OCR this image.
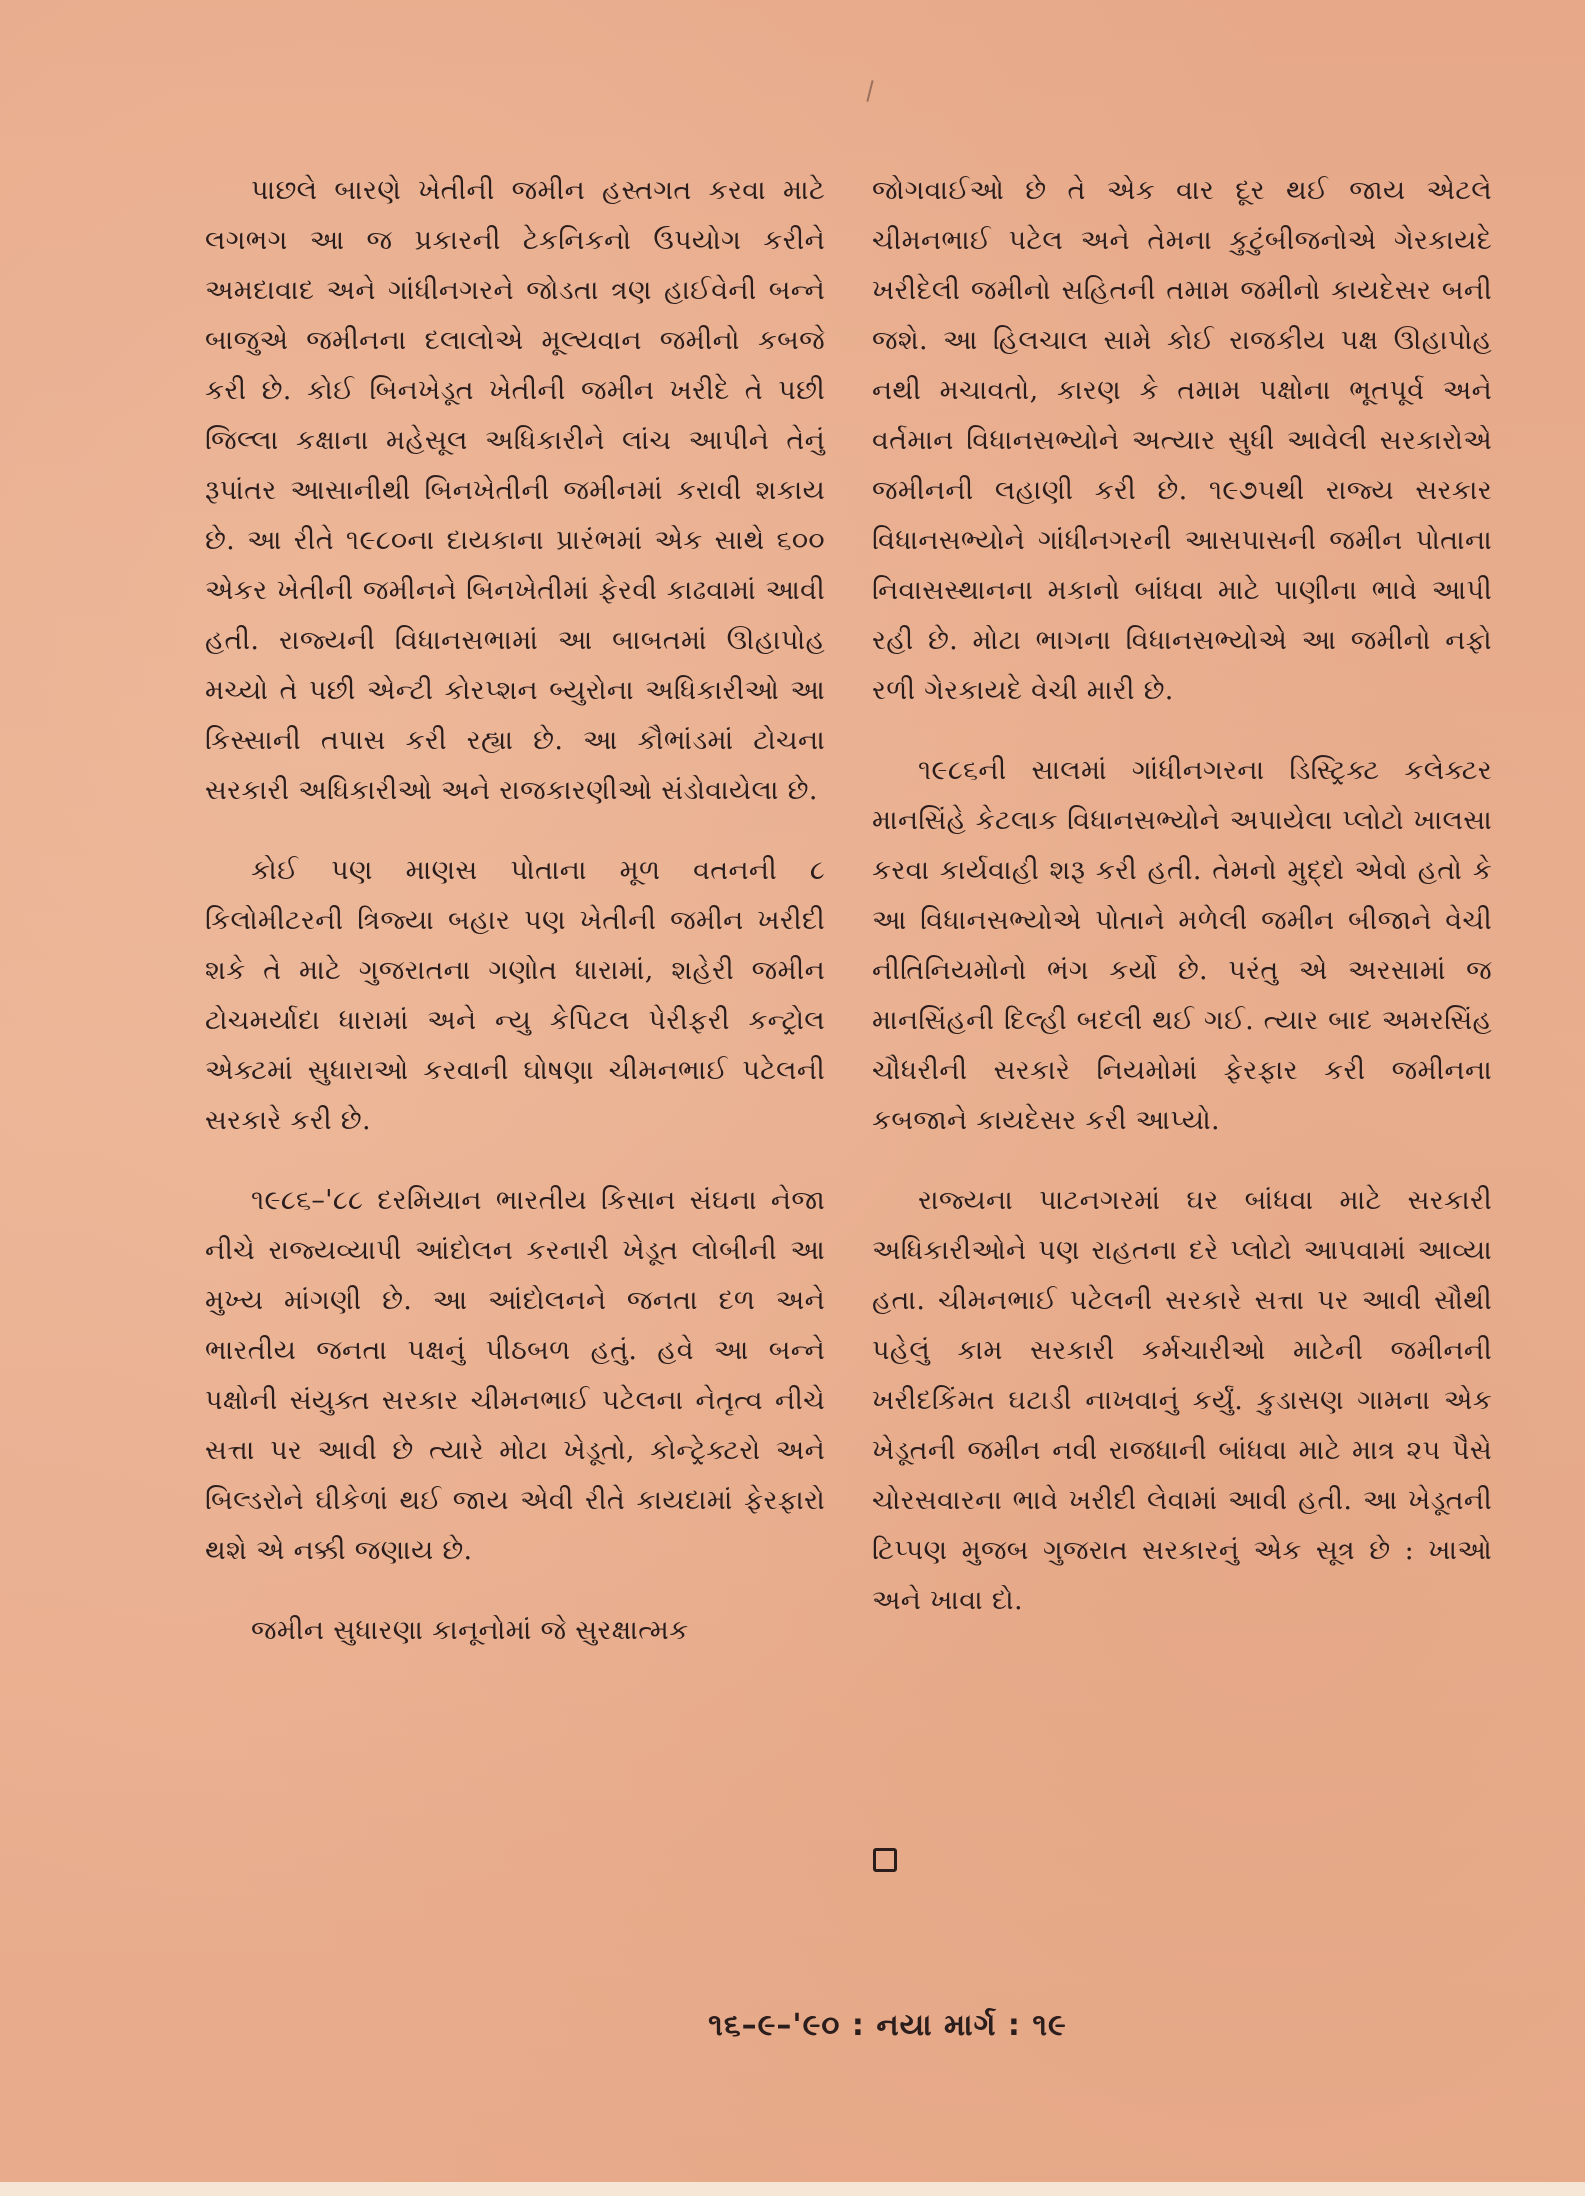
પાછલે બારણે ખેતીની જમીન હસ્તગત કરવા માટે લગભગ આ જ પ્રકારની ટેકનિકનો ઉપયોગ કરીને અમદાવાદ અને ગાંધીનગરને જોડતા ત્રણ હાઈવેની બન્ને બાજુએ જમીનના દલાલોએ મૂલ્યવાન જમીનો કબજે કરી છે. કોઈ બિનખેડૂત ખેતીની જમીન ખરીદે તે પછી જિલ્લા કક્ષાના મહેસૂલ અધિકારીને લાંચ આપીને તેનું રૂપાંતર આસાનીથી બિનખેતીની જમીનમાં કરાવી શકાય છે. આ રીતે ૧૯૮૦ના દાયકાના પ્રારંભમાં એક સાથે ૬૦૦ એકર ખેતીની જમીનને બિનખેતીમાં ફેરવી કાઢવામાં આવી હતી. રાજ્યની વિધાનસભામાં આ બાબતમાં ઊહાપોહ મચ્યો તે પછી એન્ટી કોરપ્શન બ્યુરોના અધિકારીઓ આ કિસ્સાની તપાસ કરી રહ્યા છે. આ કૌભાંડમાં ટોચના સરકારી અધિકારીઓ અને રાજકારણીઓ સંડોવાયેલા છે.

કોઈ પણ માણસ પોતાના મૂળ વતનની ૮ કિલોમીટરની ત્રિજ્યા બહાર પણ ખેતીની જમીન ખરીદી શકે તે માટે ગુજરાતના ગણોત ધારામાં, શહેરી જમીન ટોચમર્યાદા ધારામાં અને ન્યુ કેપિટલ પેરીફરી કન્ટ્રોલ એક્ટમાં સુધારાઓ કરવાની ઘોષણા ચીમનભાઈ પટેલની સરકારે કરી છે.

૧૯૮૬–'૮૮ દરમિયાન ભારતીય કિસાન સંઘના નેજા નીચે રાજ્યવ્યાપી આંદોલન કરનારી ખેડૂત લોબીની આ મુખ્ય માંગણી છે. આ આંદોલનને જનતા દળ અને ભારતીય જનતા પક્ષનું પીઠબળ હતું. હવે આ બન્ને પક્ષોની સંયુક્ત સરકાર ચીમનભાઈ પટેલના નેતૃત્વ નીચે સત્તા પર આવી છે ત્યારે મોટા ખેડૂતો, કોન્ટ્રેક્ટરો અને બિલ્ડરોને ઘીકેળાં થઈ જાય એવી રીતે કાયદામાં ફેરફારો થશે એ નક્કી જણાય છે.

જમીન સુધારણા કાનૂનોમાં જે સુરક્ષાત્મક

જોગવાઈઓ છે તે એક વાર દૂર થઈ જાય એટલે ચીમનભાઈ પટેલ અને તેમના કુટુંબીજનોએ ગેરકાયદે ખરીદેલી જમીનો સહિતની તમામ જમીનો કાયદેસર બની જશે. આ હિલચાલ સામે કોઈ રાજકીય પક્ષ ઊહાપોહ નથી મચાવતો, કારણ કે તમામ પક્ષોના ભૂતપૂર્વ અને વર્તમાન વિધાનસભ્યોને અત્યાર સુધી આવેલી સરકારોએ જમીનની લહાણી કરી છે. ૧૯૭૫થી રાજ્ય સરકાર વિધાનસભ્યોને ગાંધીનગરની આસપાસની જમીન પોતાના નિવાસસ્થાનના મકાનો બાંધવા માટે પાણીના ભાવે આપી રહી છે. મોટા ભાગના વિધાનસભ્યોએ આ જમીનો નફો રળી ગેરકાયદે વેચી મારી છે.

૧૯૮૬ની સાલમાં ગાંધીનગરના ડિસ્ટ્રિક્ટ કલેક્ટર માનસિંહે કેટલાક વિધાનસભ્યોને અપાયેલા પ્લોટો ખાલસા કરવા કાર્યવાહી શરૂ કરી હતી. તેમનો મુદ્દો એવો હતો કે આ વિધાનસભ્યોએ પોતાને મળેલી જમીન બીજાને વેચી નીતિનિયમોનો ભંગ કર્યો છે. પરંતુ એ અરસામાં જ માનસિંહની દિલ્હી બદલી થઈ ગઈ. ત્યાર બાદ અમરસિંહ ચૌધરીની સરકારે નિયમોમાં ફેરફાર કરી જમીનના કબજાને કાયદેસર કરી આપ્યો.

રાજ્યના પાટનગરમાં ઘર બાંધવા માટે સરકારી અધિકારીઓને પણ રાહતના દરે પ્લોટો આપવામાં આવ્યા હતા. ચીમનભાઈ પટેલની સરકારે સત્તા પર આવી સૌથી પહેલું કામ સરકારી કર્મચારીઓ માટેની જમીનની ખરીદકિંમત ઘટાડી નાખવાનું કર્યું. કુડાસણ ગામના એક ખેડૂતની જમીન નવી રાજધાની બાંધવા માટે માત્ર ૨૫ પૈસે ચોરસવારના ભાવે ખરીદી લેવામાં આવી હતી. આ ખેડૂતની ટિપ્પણ મુજબ ગુજરાત સરકારનું એક સૂત્ર છે : ખાઓ અને ખાવા દો.

૧૬–૯–'૯૦ : નયા માર્ગ : ૧૯
